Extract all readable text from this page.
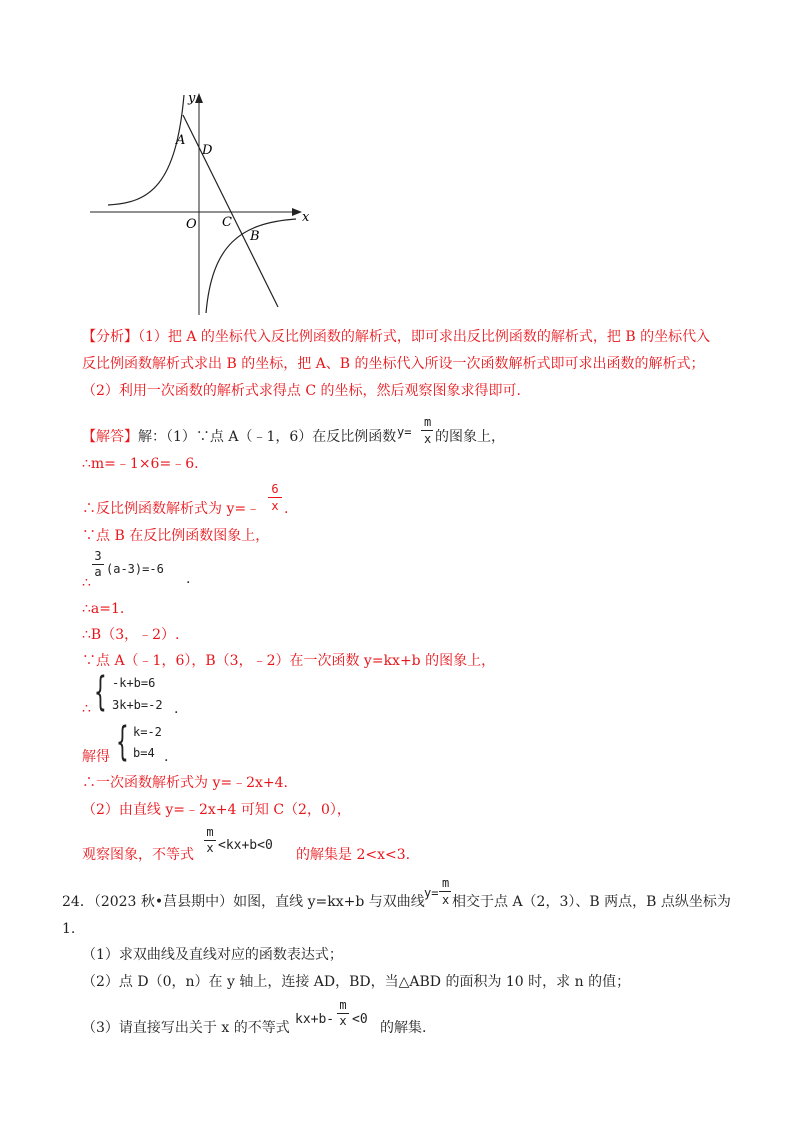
y
x
A
D
O C
B
【分析】（1）把 A 的坐标代入反比例函数的解析式，即可求出反比例函数的解析式，把 B 的坐标代入
反比例函数解析式求出 B 的坐标，把 A、B 的坐标代入所设一次函数解析式即可求出函数的解析式；
（2）利用一次函数的解析式求得点 C 的坐标，然后观察图象求得即可.
【解答】解：（1）∵点 A（﹣1，6）在反比例函数 y=
m
x 的图象上，
∴m=﹣1×6=﹣6.
∴反比例函数解析式为 y=﹣
6
x .
∵点 B 在反比例函数图象上，
3
a (a-3)=-6
∴	.
∴a=1.
∴B（3，﹣2）.
∵点 A（﹣1，6），B（3，﹣2）在一次函数 y=kx+b 的图象上，
∴ { -k+b=6
3k+b=-2 .
解得 { k=-2
b=4 .
∴一次函数解析式为 y=﹣2x+4.
（2）由直线 y=﹣2x+4 可知 C（2，0），
观察图象，不等式
m
x <kx+b<0
的解集是 2<x<3.
24．（2023 秋•莒县期中）如图，直线 y=kx+b 与双曲线
y=
m
x 相交于点 A（2，3）、B 两点，B 点纵坐标为
1.
（1）求双曲线及直线对应的函数表达式；
（2）点 D（0，n）在 y 轴上，连接 AD，BD，当△ABD 的面积为 10 时，求 n 的值；
（3）请直接写出关于 x 的不等式
kx+b-
m
x <0
的解集.
